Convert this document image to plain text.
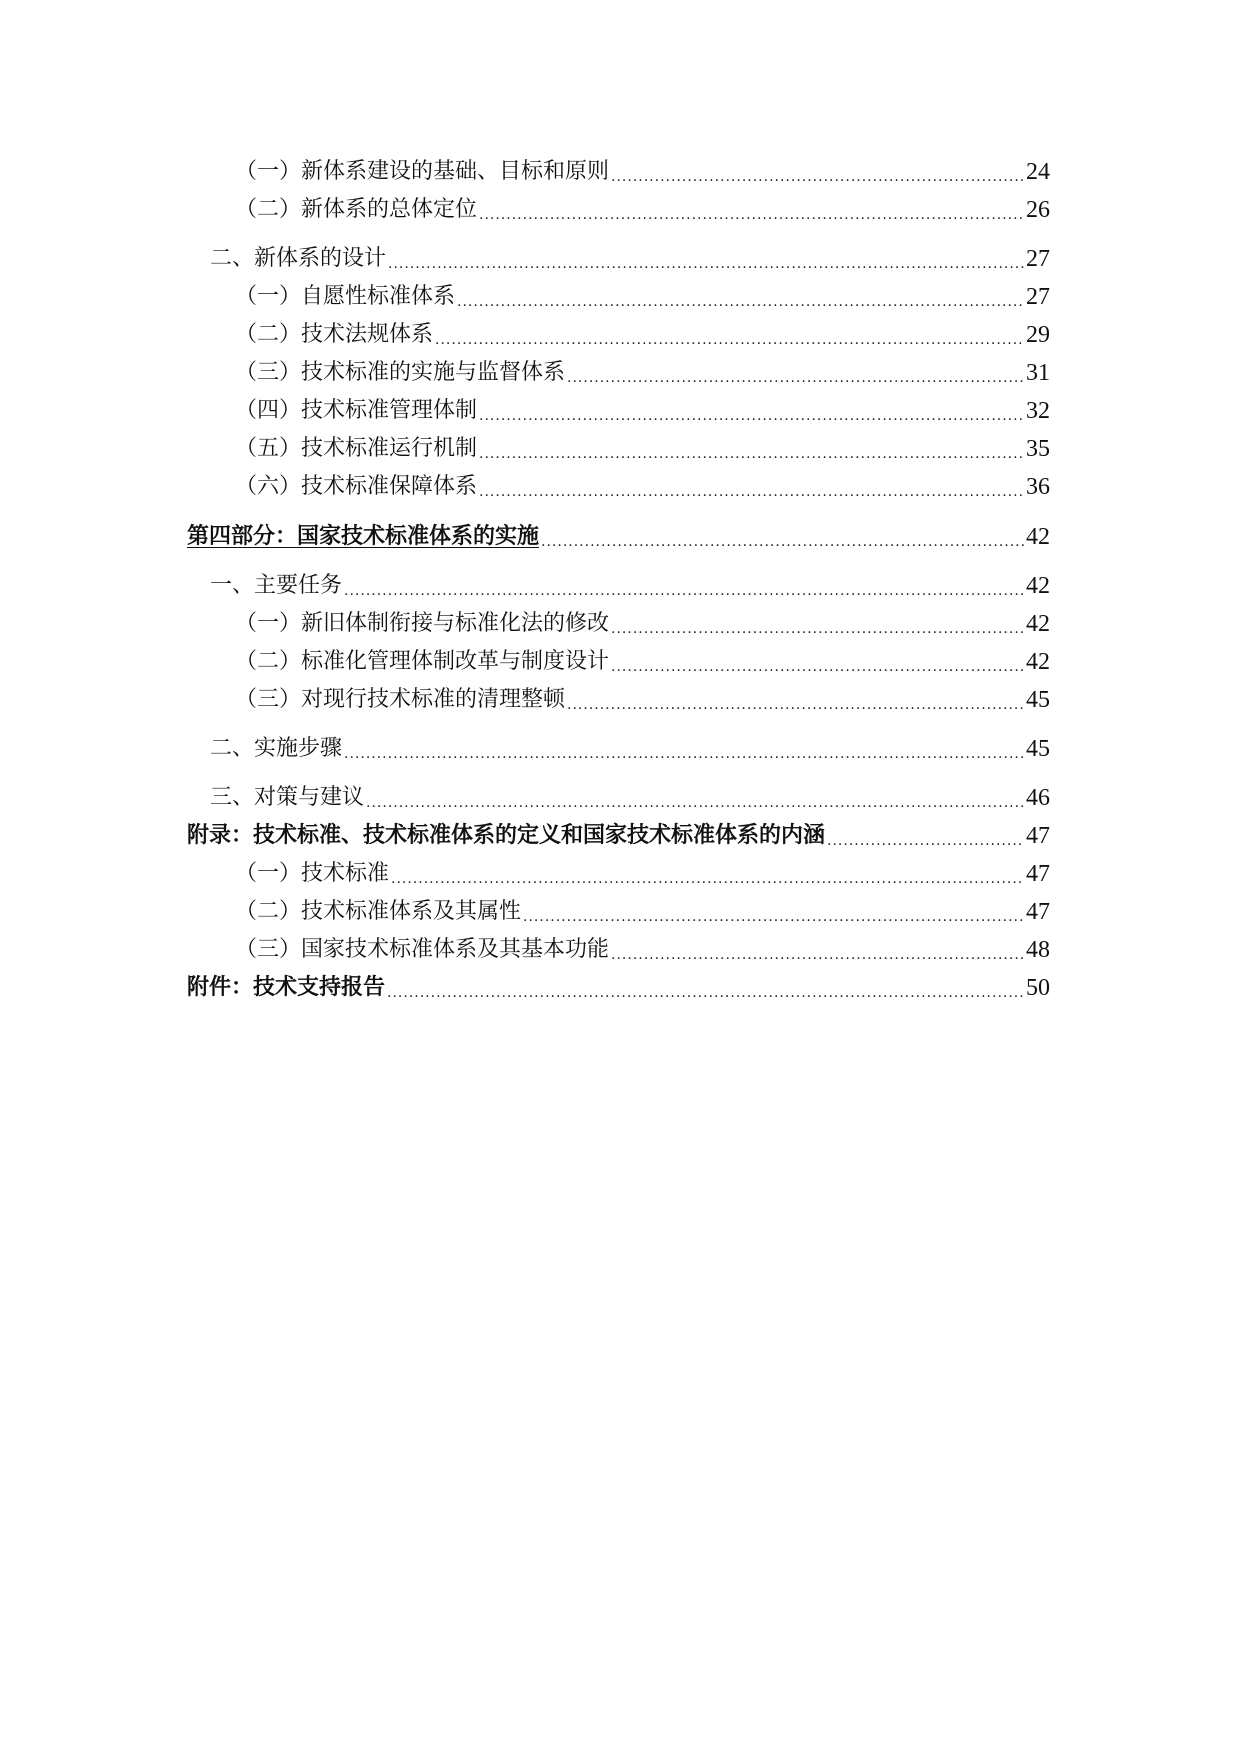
（一）新体系建设的基础、目标和原则 .....	24
（二）新体系的总体定位 .....	26
二、新体系的设计 .....	27
（一）自愿性标准体系 .....	27
（二）技术法规体系 .....	29
（三）技术标准的实施与监督体系 .....	31
（四）技术标准管理体制 .....	32
（五）技术标准运行机制 .....	35
（六）技术标准保障体系 .....	36
第四部分：国家技术标准体系的实施 .....	42
一、主要任务 .....	42
（一）新旧体制衔接与标准化法的修改 .....	42
（二）标准化管理体制改革与制度设计 .....	42
（三）对现行技术标准的清理整顿 .....	45
二、实施步骤 .....	45
三、对策与建议 .....	46
附录：技术标准、技术标准体系的定义和国家技术标准体系的内涵 .....	47
（一）技术标准 .....	47
（二）技术标准体系及其属性 .....	47
（三）国家技术标准体系及其基本功能 .....	48
附件：技术支持报告 .....	50
